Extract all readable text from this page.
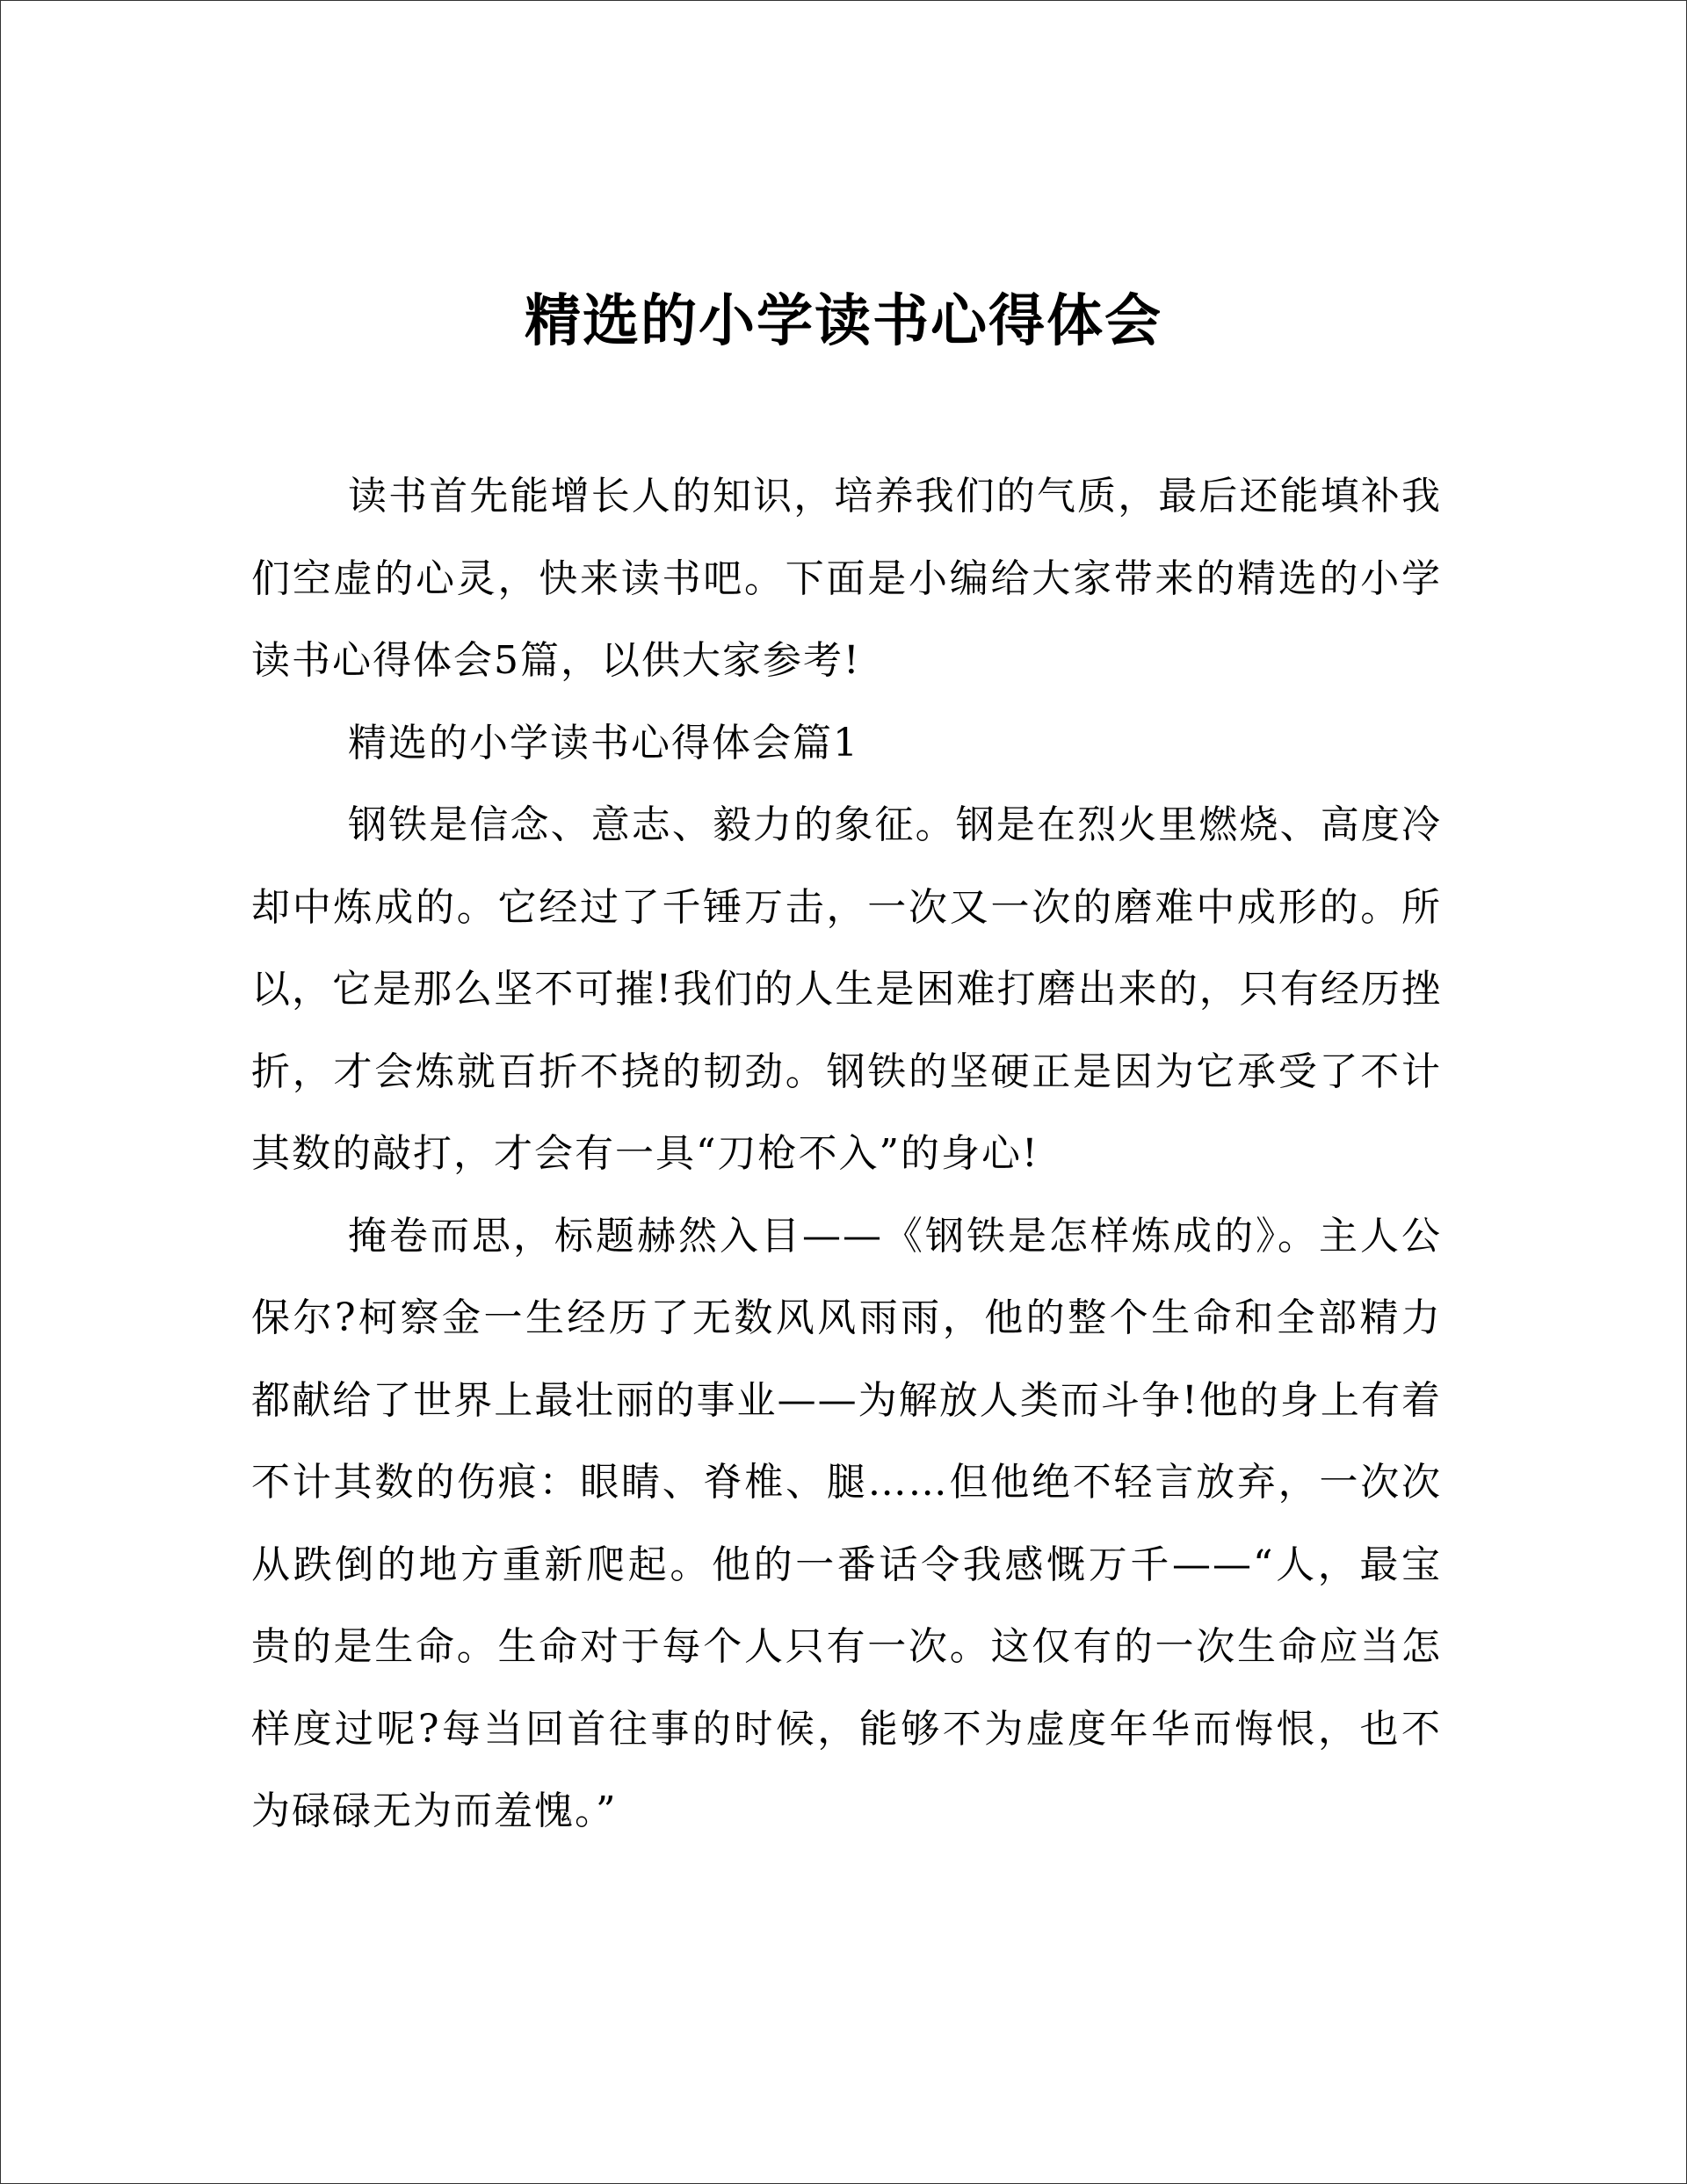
精选的小学读书心得体会

读书首先能增长人的知识，培养我们的气质，最后还能填补我们空虚的心灵，快来读书吧。下面是小编给大家带来的精选的小学读书心得体会5篇，以供大家参考!

精选的小学读书心得体会篇1

钢铁是信念、意志、毅力的象征。钢是在烈火里燃烧、高度冷却中炼成的。它经过了千锤万击，一次又一次的磨难中成形的。所以，它是那么坚不可摧!我们的人生是困难打磨出来的，只有经历挫折，才会炼就百折不挠的韧劲。钢铁的坚硬正是因为它承受了不计其数的敲打，才会有一具“刀枪不入”的身心!

掩卷而思，标题赫然入目——《钢铁是怎样炼成的》。主人公保尔?柯察金一生经历了无数风风雨雨，他的整个生命和全部精力都献给了世界上最壮丽的事业——为解放人类而斗争!他的身上有着不计其数的伤痕：眼睛、脊椎、腿……但他绝不轻言放弃，一次次从跌倒的地方重新爬起。他的一番话令我感慨万千——“人，最宝贵的是生命。生命对于每个人只有一次。这仅有的一次生命应当怎样度过呢?每当回首往事的时候，能够不为虚度年华而悔恨，也不为碌碌无为而羞愧。”
